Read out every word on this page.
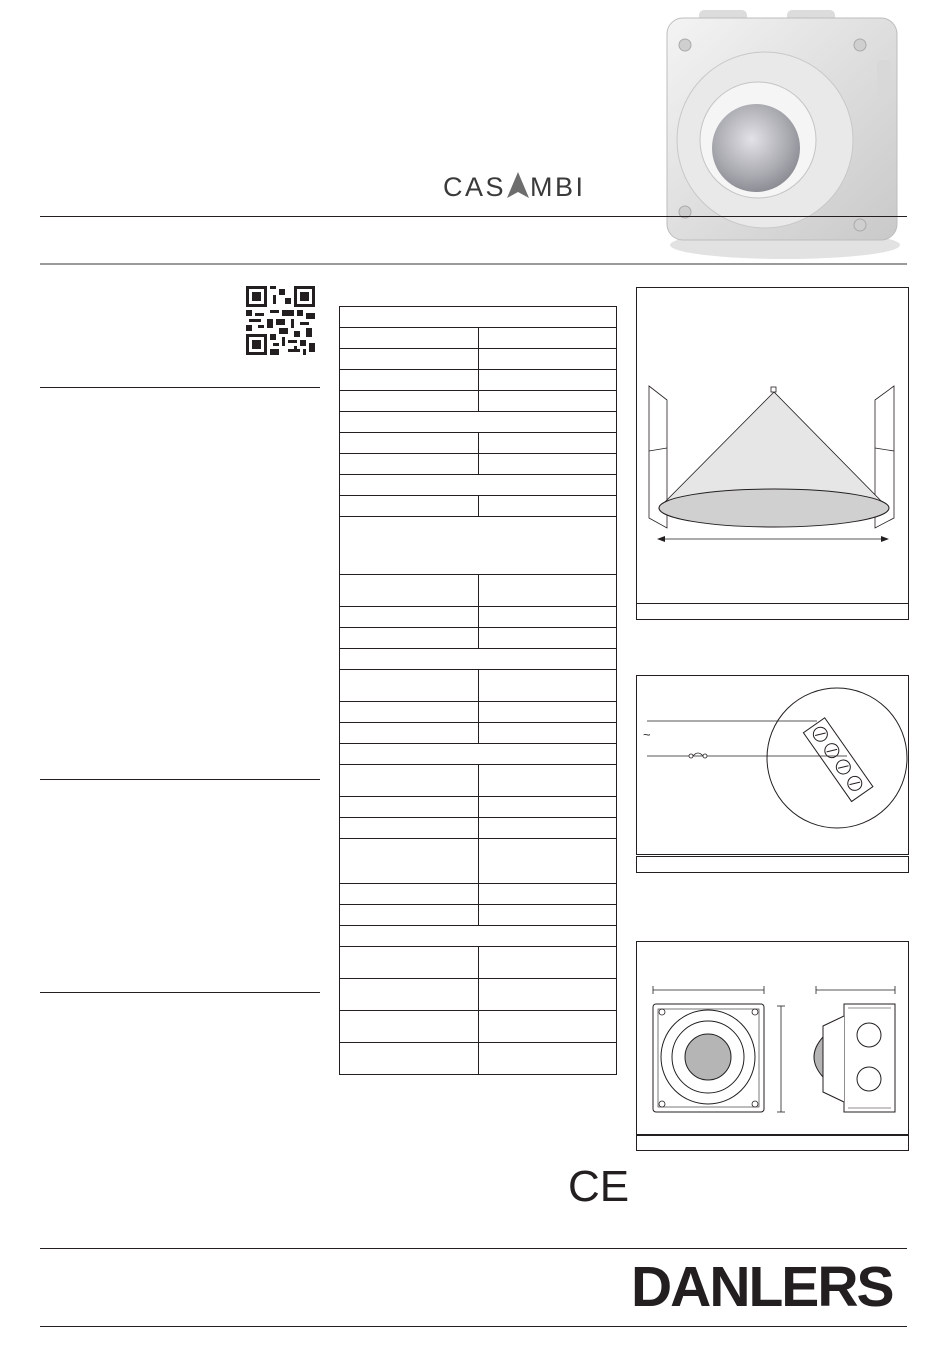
CAS MBI

~
CE
DANLERS
